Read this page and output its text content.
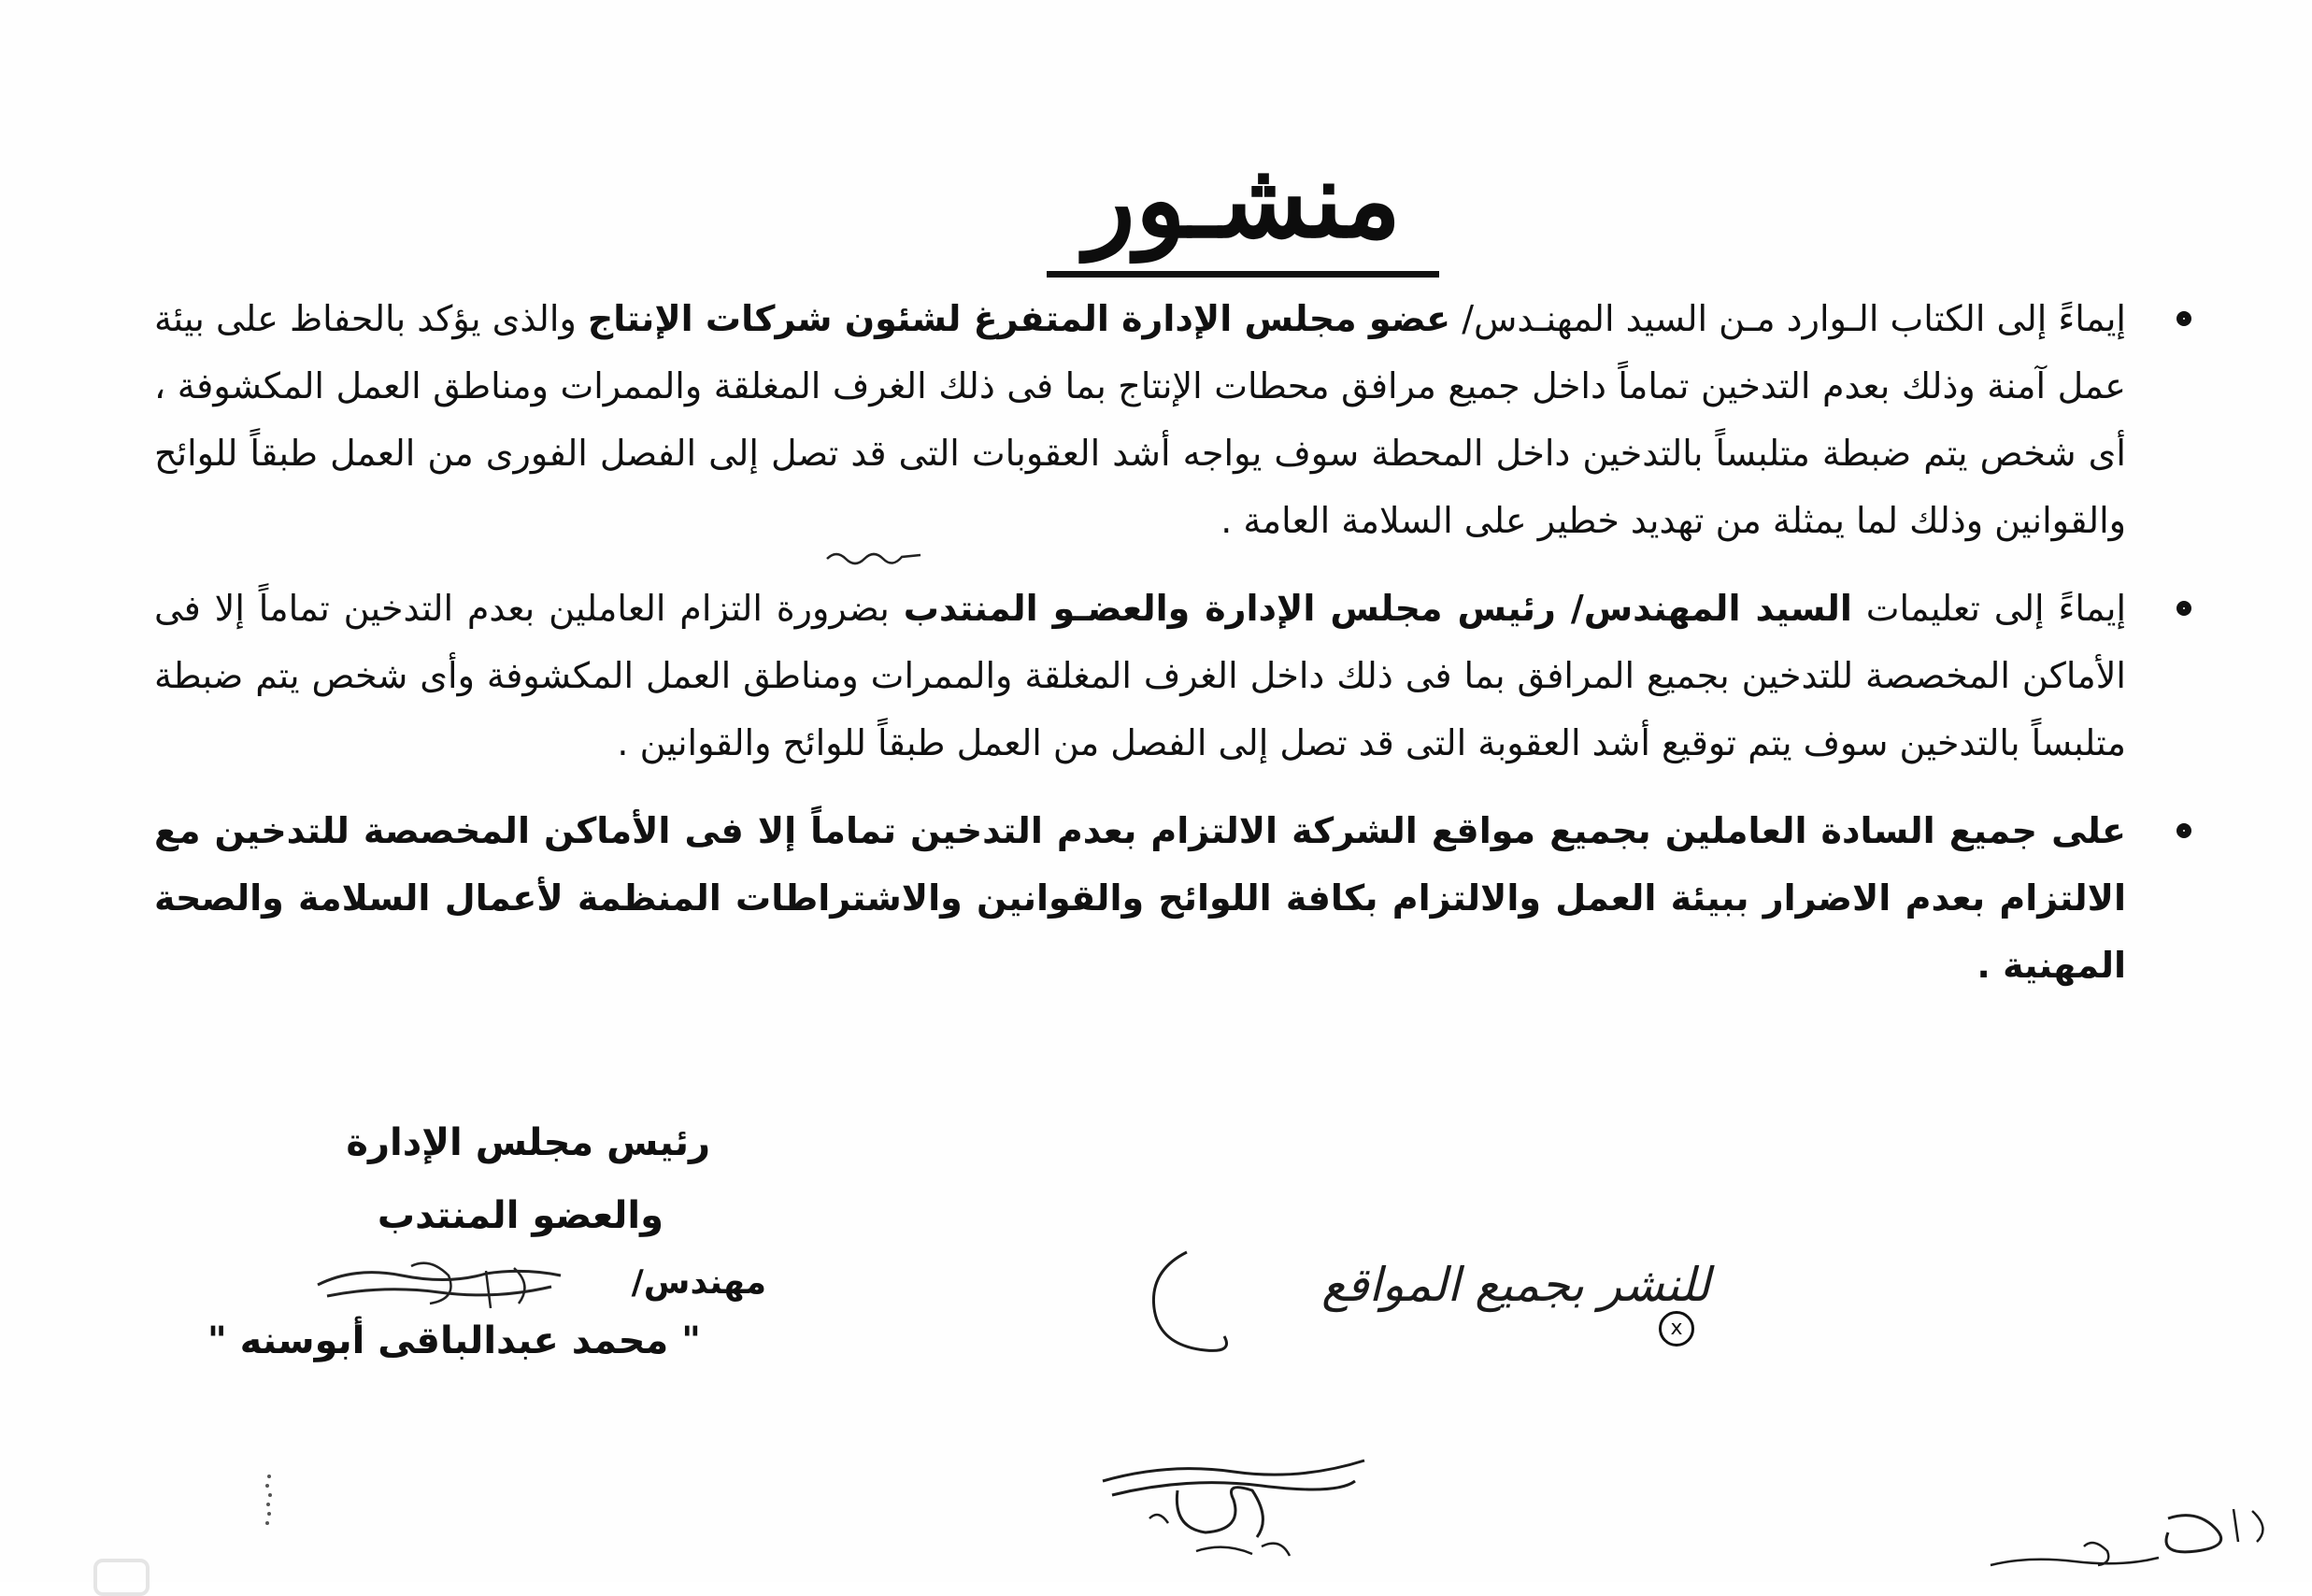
منشـور
إيماءً إلى الكتاب الـوارد مـن السيد المهنـدس/ عضو مجلس الإدارة المتفرغ لشئون شركات الإنتاج والذى يؤكد بالحفاظ على بيئة عمل آمنة وذلك بعدم التدخين تماماً داخل جميع مرافق محطات الإنتاج بما فى ذلك الغرف المغلقة والممرات ومناطق العمل المكشوفة ، أى شخص يتم ضبطة متلبساً بالتدخين داخل المحطة سوف يواجه أشد العقوبات التى قد تصل إلى الفصل الفورى من العمل طبقاً للوائح والقوانين وذلك لما يمثلة من تهديد خطير على السلامة العامة .
إيماءً إلى تعليمات السيد المهندس/ رئيس مجلس الإدارة والعضـو المنتدب بضرورة التزام العاملين بعدم التدخين تماماً إلا فى الأماكن المخصصة للتدخين بجميع المرافق بما فى ذلك داخل الغرف المغلقة والممرات ومناطق العمل المكشوفة وأى شخص يتم ضبطة متلبساً بالتدخين سوف يتم توقيع أشد العقوبة التى قد تصل إلى الفصل من العمل طبقاً للوائح والقوانين .
على جميع السادة العاملين بجميع مواقع الشركة الالتزام بعدم التدخين تماماً إلا فى الأماكن المخصصة للتدخين مع الالتزام بعدم الاضرار ببيئة العمل والالتزام بكافة اللوائح والقوانين والاشتراطات المنظمة لأعمال السلامة والصحة المهنية .
رئيس مجلس الإدارة
والعضو المنتدب
مهندس/
" محمد عبدالباقى أبوسنه "
للنشر بجميع المواقع
x
